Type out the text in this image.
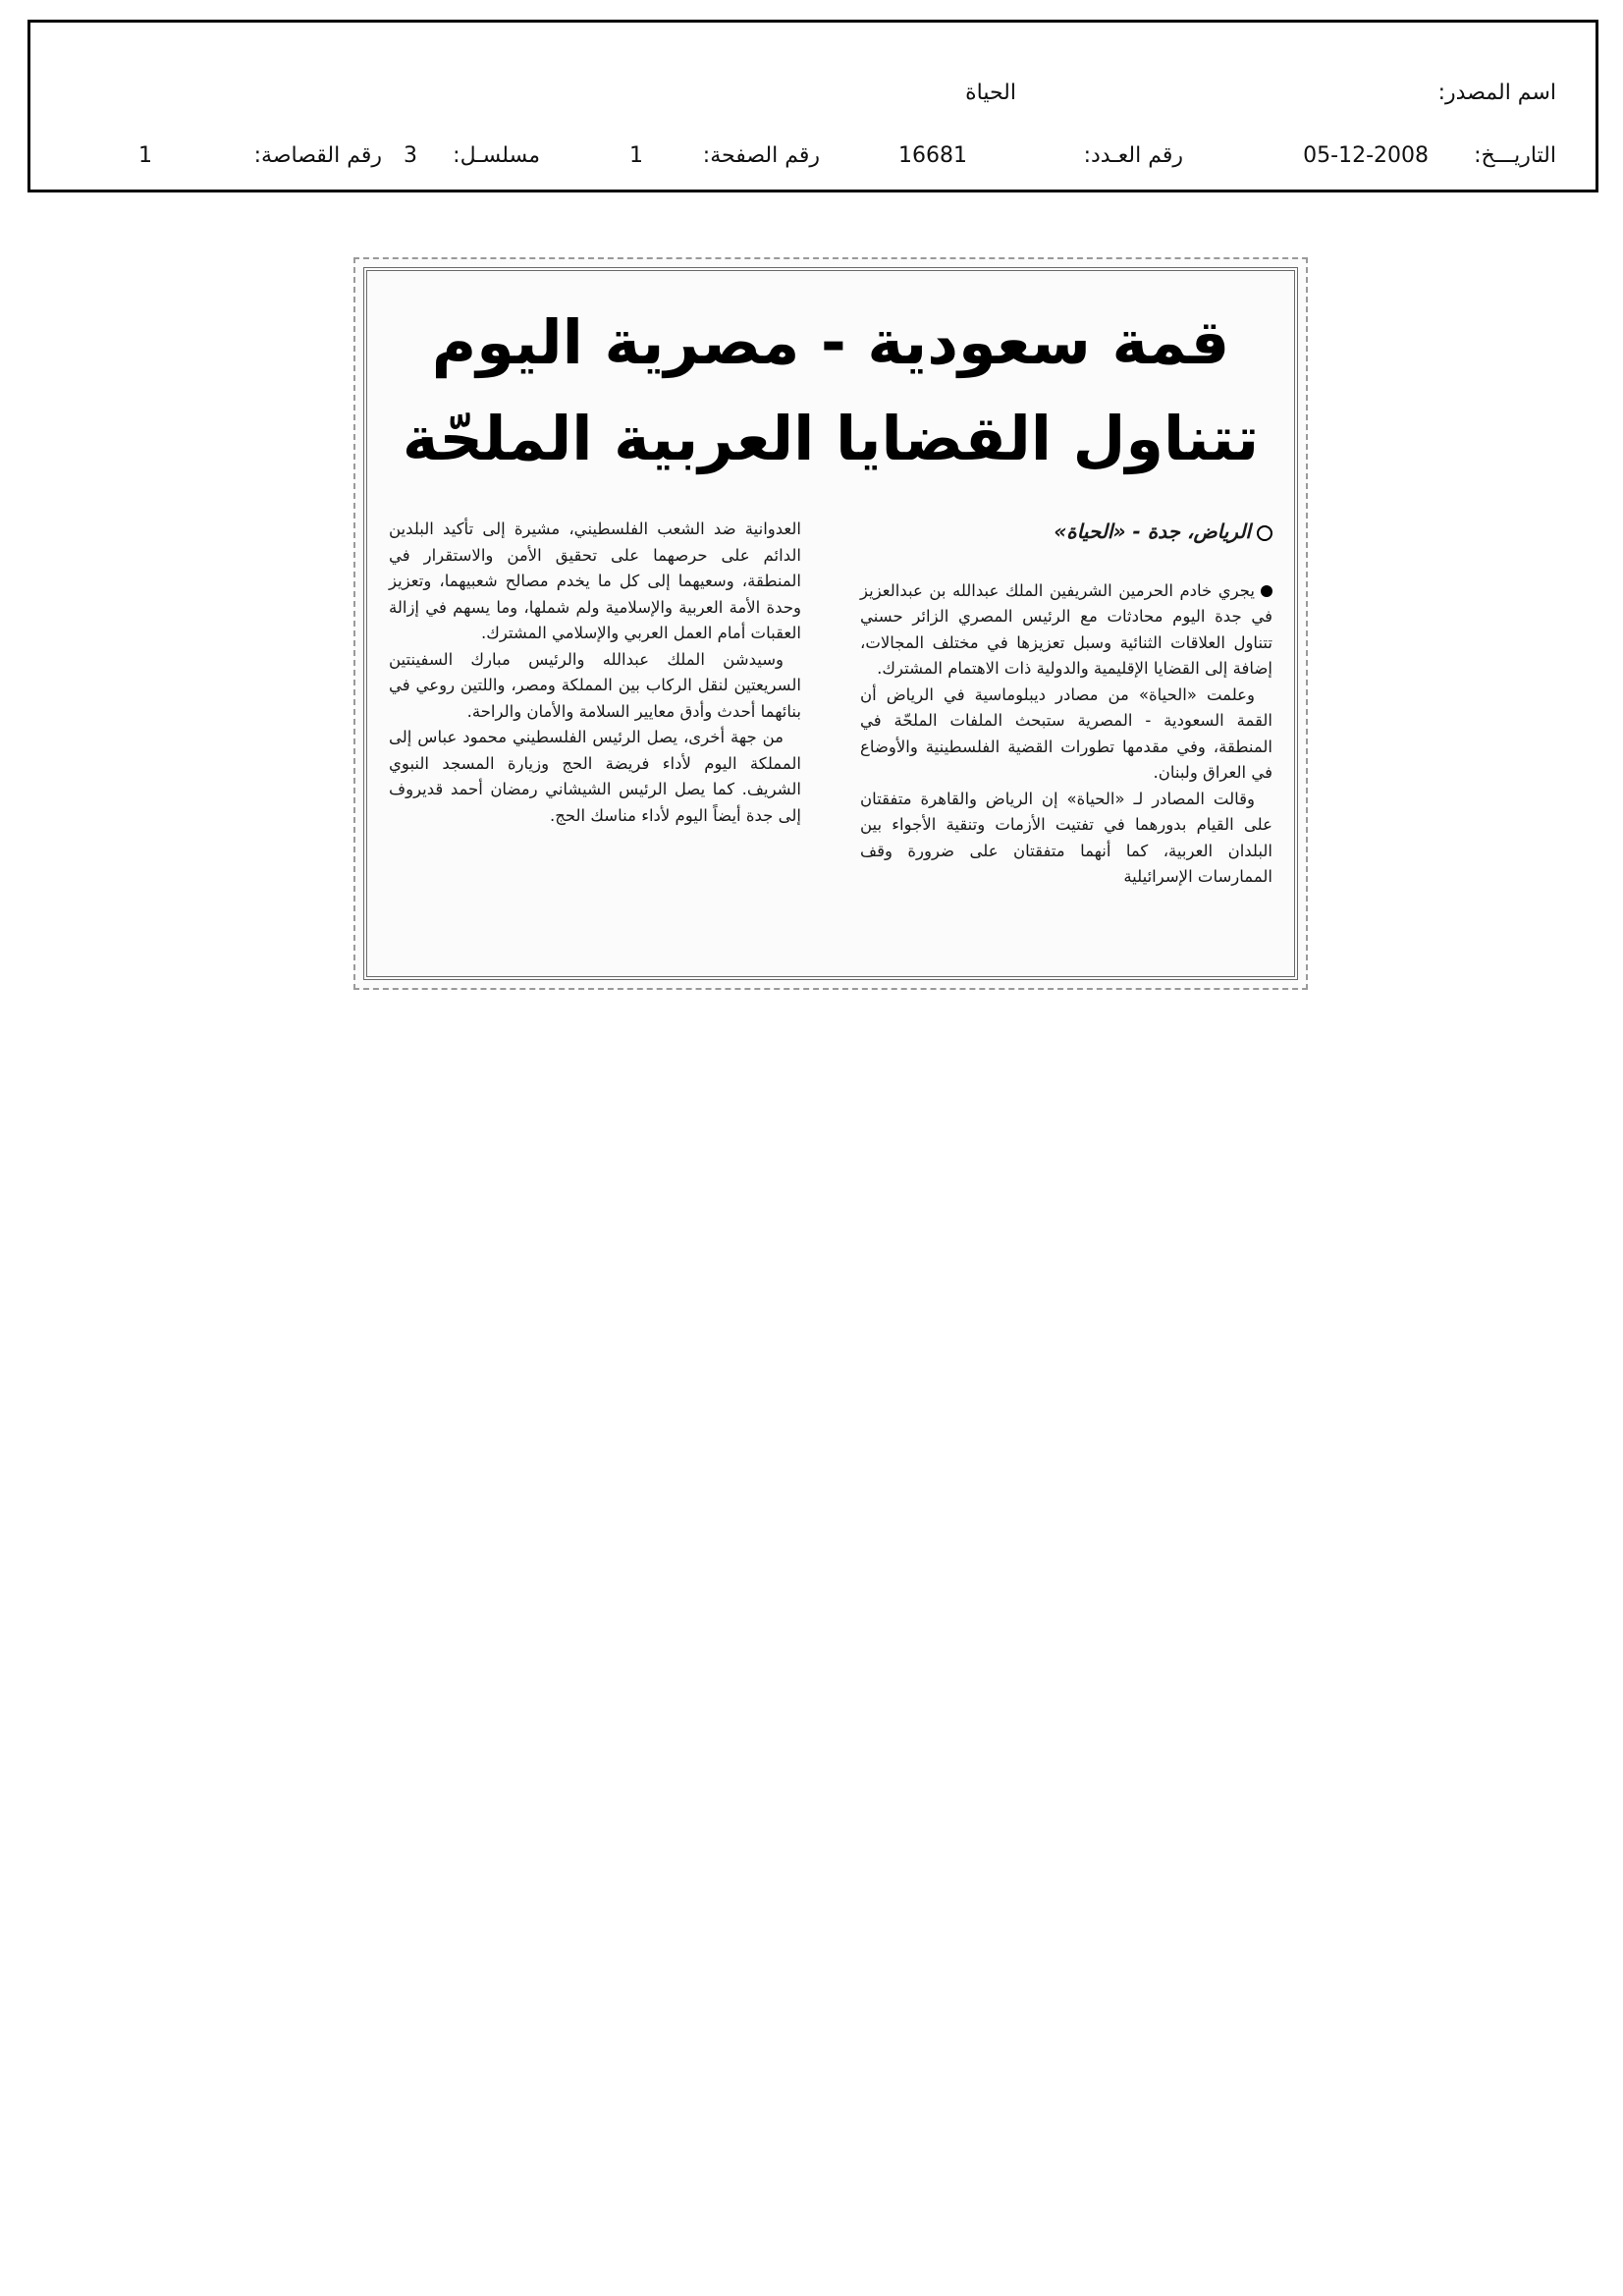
اسم المصدر:
الحياة
التاريـــخ:
05-12-2008
رقم العـدد:
16681
رقم الصفحة:
1
مسلسـل:
3
رقم القصاصة:
1
قمة سعودية - مصرية اليوم
تتناول القضايا العربية الملحّة
الرياض، جدة - «الحياة»

يجري خادم الحرمين الشريفين الملك عبدالله بن عبدالعزيز في جدة اليوم محادثات مع الرئيس المصري الزائر حسني تتناول العلاقات الثنائية وسبل تعزيزها في مختلف المجالات، إضافة إلى القضايا الإقليمية والدولية ذات الاهتمام المشترك.

وعلمت «الحياة» من مصادر ديبلوماسية في الرياض أن القمة السعودية - المصرية ستبحث الملفات الملحّة في المنطقة، وفي مقدمها تطورات القضية الفلسطينية والأوضاع في العراق ولبنان.

وقالت المصادر لـ «الحياة» إن الرياض والقاهرة متفقتان على القيام بدورهما في تفتيت الأزمات وتنقية الأجواء بين البلدان العربية، كما أنهما متفقتان على ضرورة وقف الممارسات الإسرائيلية

العدوانية ضد الشعب الفلسطيني، مشيرة إلى تأكيد البلدين الدائم على حرصهما على تحقيق الأمن والاستقرار في المنطقة، وسعيهما إلى كل ما يخدم مصالح شعبيهما، وتعزيز وحدة الأمة العربية والإسلامية ولم شملها، وما يسهم في إزالة العقبات أمام العمل العربي والإسلامي المشترك.

وسيدشن الملك عبدالله والرئيس مبارك السفينتين السريعتين لنقل الركاب بين المملكة ومصر، واللتين روعي في بنائهما أحدث وأدق معايير السلامة والأمان والراحة.

من جهة أخرى، يصل الرئيس الفلسطيني محمود عباس إلى المملكة اليوم لأداء فريضة الحج وزيارة المسجد النبوي الشريف. كما يصل الرئيس الشيشاني رمضان أحمد قديروف إلى جدة أيضاً اليوم لأداء مناسك الحج.
